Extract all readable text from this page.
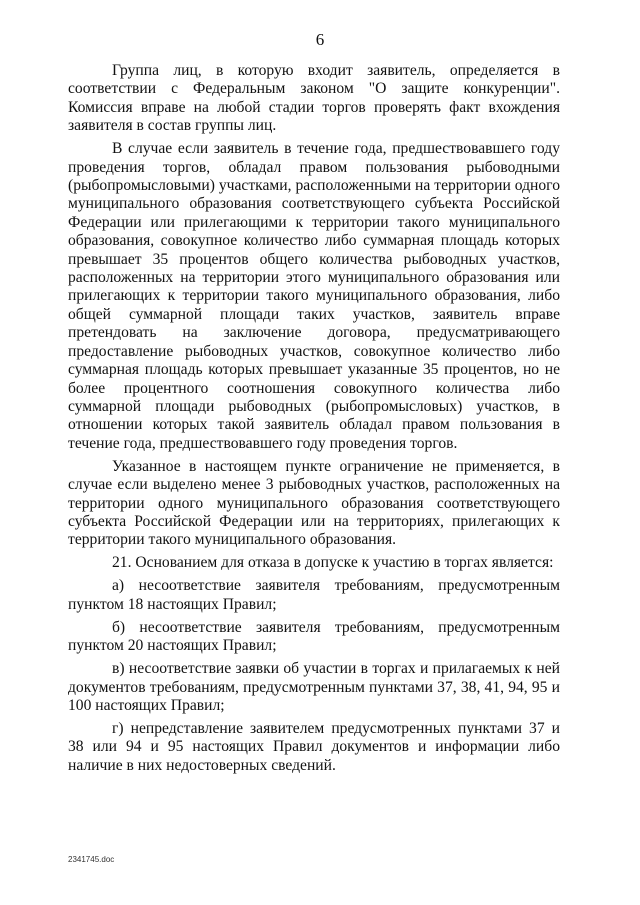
6

Группа лиц, в которую входит заявитель, определяется в соответствии с Федеральным законом "О защите конкуренции". Комиссия вправе на любой стадии торгов проверять факт вхождения заявителя в состав группы лиц.

В случае если заявитель в течение года, предшествовавшего году проведения торгов, обладал правом пользования рыбоводными (рыбопромысловыми) участками, расположенными на территории одного муниципального образования соответствующего субъекта Российской Федерации или прилегающими к территории такого муниципального образования, совокупное количество либо суммарная площадь которых превышает 35 процентов общего количества рыбоводных участков, расположенных на территории этого муниципального образования или прилегающих к территории такого муниципального образования, либо общей суммарной площади таких участков, заявитель вправе претендовать на заключение договора, предусматривающего предоставление рыбоводных участков, совокупное количество либо суммарная площадь которых превышает указанные 35 процентов, но не более процентного соотношения совокупного количества либо суммарной площади рыбоводных (рыбопромысловых) участков, в отношении которых такой заявитель обладал правом пользования в течение года, предшествовавшего году проведения торгов.

Указанное в настоящем пункте ограничение не применяется, в случае если выделено менее 3 рыбоводных участков, расположенных на территории одного муниципального образования соответствующего субъекта Российской Федерации или на территориях, прилегающих к территории такого муниципального образования.

21. Основанием для отказа в допуске к участию в торгах является:

а) несоответствие заявителя требованиям, предусмотренным пунктом 18 настоящих Правил;

б) несоответствие заявителя требованиям, предусмотренным пунктом 20 настоящих Правил;

в) несоответствие заявки об участии в торгах и прилагаемых к ней документов требованиям, предусмотренным пунктами 37, 38, 41, 94, 95 и 100 настоящих Правил;

г) непредставление заявителем предусмотренных пунктами 37 и 38 или 94 и 95 настоящих Правил документов и информации либо наличие в них недостоверных сведений.

2341745.doc
